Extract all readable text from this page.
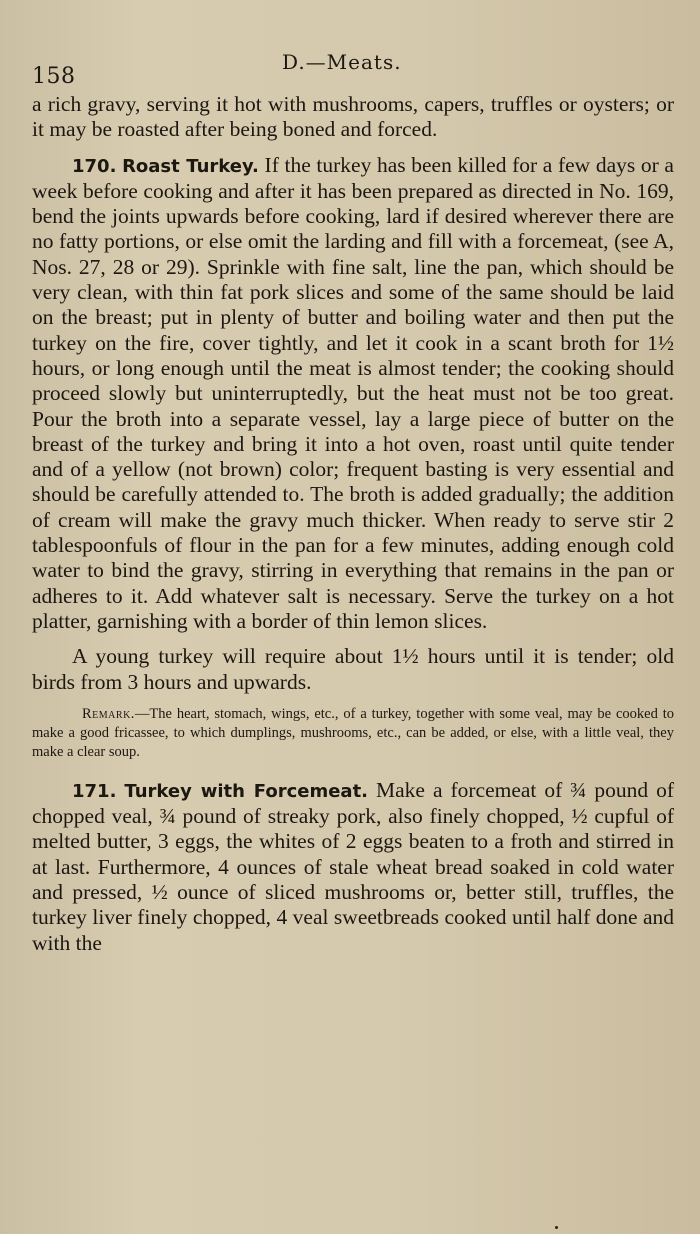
158
D.—Meats.

a rich gravy, serving it hot with mushrooms, capers, truffles or oysters; or it may be roasted after being boned and forced.

170. Roast Turkey. If the turkey has been killed for a few days or a week before cooking and after it has been prepared as directed in No. 169, bend the joints upwards before cooking, lard if desired wherever there are no fatty portions, or else omit the larding and fill with a forcemeat, (see A, Nos. 27, 28 or 29). Sprinkle with fine salt, line the pan, which should be very clean, with thin fat pork slices and some of the same should be laid on the breast; put in plenty of butter and boiling water and then put the turkey on the fire, cover tightly, and let it cook in a scant broth for 1½ hours, or long enough until the meat is almost tender; the cooking should proceed slowly but uninterruptedly, but the heat must not be too great. Pour the broth into a separate vessel, lay a large piece of butter on the breast of the turkey and bring it into a hot oven, roast until quite tender and of a yellow (not brown) color; frequent basting is very essential and should be carefully attended to. The broth is added gradually; the addition of cream will make the gravy much thicker. When ready to serve stir 2 tablespoonfuls of flour in the pan for a few minutes, adding enough cold water to bind the gravy, stirring in everything that remains in the pan or adheres to it. Add whatever salt is necessary. Serve the turkey on a hot platter, garnishing with a border of thin lemon slices.

A young turkey will require about 1½ hours until it is tender; old birds from 3 hours and upwards.

Remark.—The heart, stomach, wings, etc., of a turkey, together with some veal, may be cooked to make a good fricassee, to which dumplings, mushrooms, etc., can be added, or else, with a little veal, they make a clear soup.

171. Turkey with Forcemeat. Make a forcemeat of ¾ pound of chopped veal, ¾ pound of streaky pork, also finely chopped, ½ cupful of melted butter, 3 eggs, the whites of 2 eggs beaten to a froth and stirred in at last. Furthermore, 4 ounces of stale wheat bread soaked in cold water and pressed, ½ ounce of sliced mushrooms or, better still, truffles, the turkey liver finely chopped, 4 veal sweetbreads cooked until half done and with the
